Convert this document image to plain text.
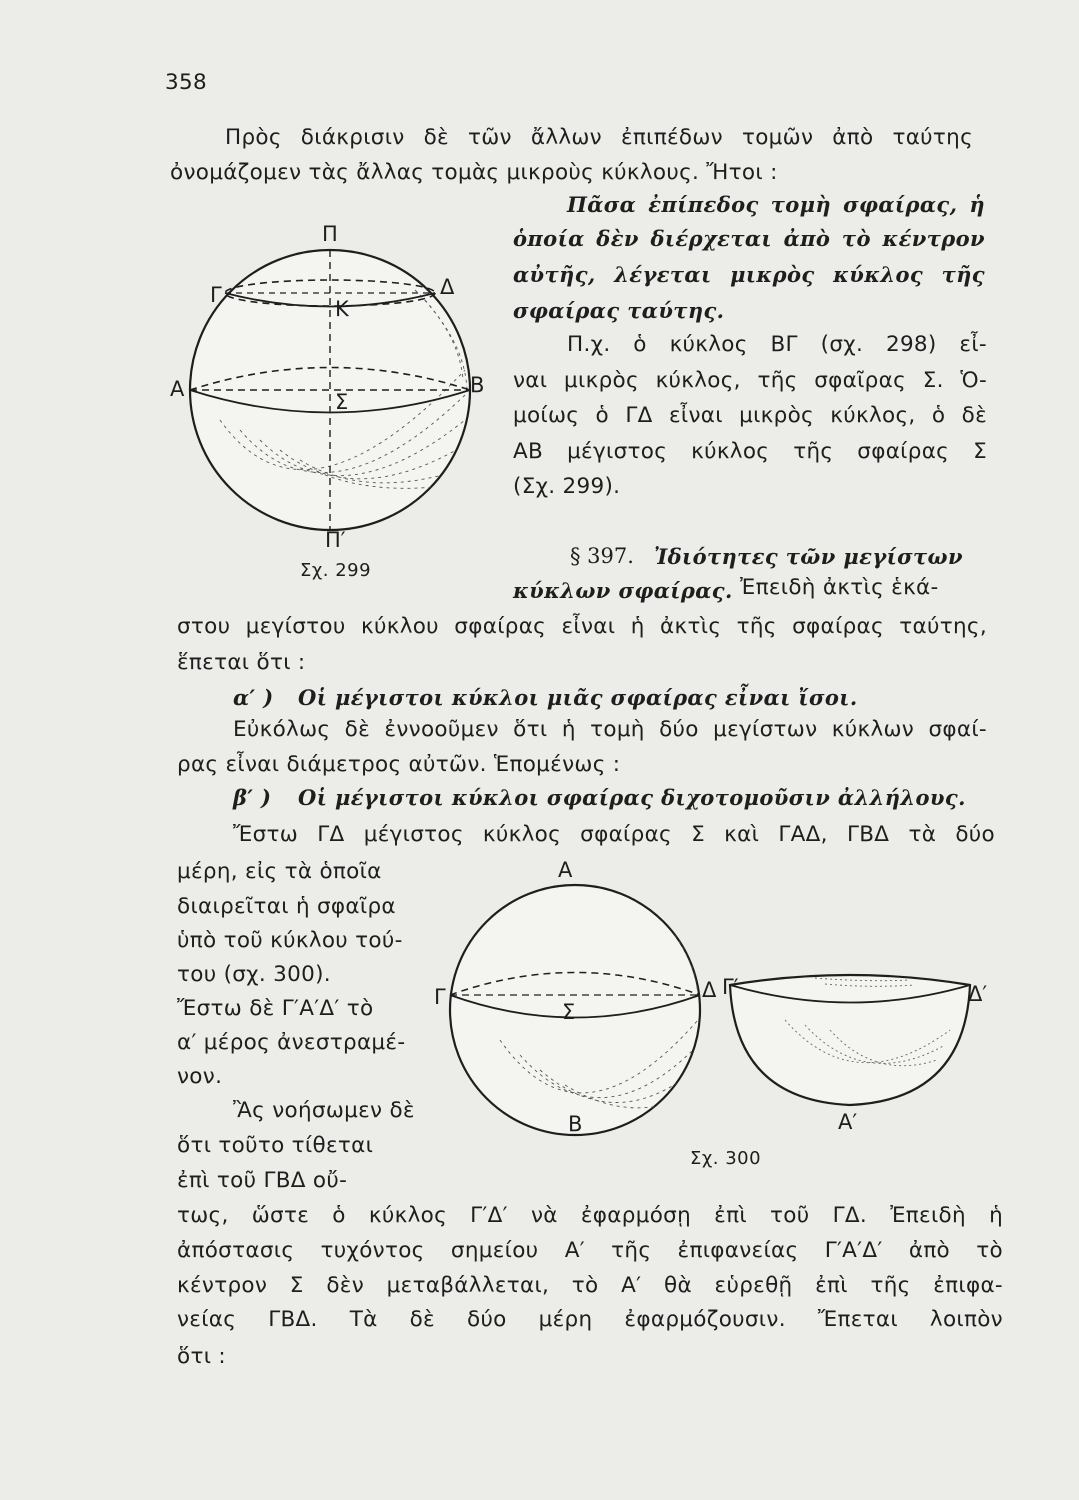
358
Πρὸς διάκρισιν δὲ τῶν ἄλλων ἐπιπέδων τομῶν ἀπὸ ταύτης
ὀνομάζομεν τὰς ἄλλας τομὰς μικροὺς κύκλους. Ἤτοι :
Πᾶσα ἐπίπεδος τομὴ σφαίρας, ἡ
ὁποία δὲν διέρχεται ἀπὸ τὸ κέντρον
αὐτῆς, λέγεται μικρὸς κύκλος τῆς
σφαίρας ταύτης.
Π.χ. ὁ κύκλος ΒΓ (σχ. 298) εἶ-
ναι μικρὸς κύκλος, τῆς σφαῖρας Σ. Ὁ-
μοίως ὁ ΓΔ εἶναι μικρὸς κύκλος, ὁ δὲ
ΑΒ μέγιστος κύκλος τῆς σφαίρας Σ
(Σχ. 299).
Π
Γ	Δ
Κ
Α	Β
Σ
Π′
Σχ. 299
§ 397. Ἰδιότητες τῶν μεγίστων
κύκλων σφαίρας. Ἐπειδὴ ἀκτὶς ἑκά-
στου μεγίστου κύκλου σφαίρας εἶναι ἡ ἀκτὶς τῆς σφαίρας ταύτης,
ἕπεται ὅτι :
α′ ) Οἱ μέγιστοι κύκλοι μιᾶς σφαίρας εἶναι ἴσοι.
Εὐκόλως δὲ ἐννοοῦμεν ὅτι ἡ τομὴ δύο μεγίστων κύκλων σφαί-
ρας εἶναι διάμετρος αὐτῶν. Ἑπομένως :
β′ ) Οἱ μέγιστοι κύκλοι σφαίρας διχοτομοῦσιν ἀλλήλους.
Ἔστω ΓΔ μέγιστος κύκλος σφαίρας Σ καὶ ΓΑΔ, ΓΒΔ τὰ δύο
μέρη, εἰς τὰ ὁποῖα
διαιρεῖται ἡ σφαῖρα
ὑπὸ τοῦ κύκλου τού-
του (σχ. 300).
Ἔστω δὲ Γ′Α′Δ′ τὸ
α′ μέρος ἀνεστραμέ-
νον.
Ἂς νοήσωμεν δὲ
ὅτι τοῦτο τίθεται
ἐπὶ τοῦ ΓΒΔ οὔ-
τως, ὥστε ὁ κύκλος Γ′Δ′ νὰ ἐφαρμόσῃ ἐπὶ τοῦ ΓΔ. Ἐπειδὴ ἡ
ἀπόστασις τυχόντος σημείου Α′ τῆς ἐπιφανείας Γ′Α′Δ′ ἀπὸ τὸ
κέντρον Σ δὲν μεταβάλλεται, τὸ Α′ θὰ εὑρεθῇ ἐπὶ τῆς ἐπιφα-
νείας ΓΒΔ. Τὰ δὲ δύο μέρη ἐφαρμόζουσιν. Ἔπεται λοιπὸν
ὅτι :
Α
Γ	Δ
Σ
Β
Γ′	Δ′
Α′
Σχ. 300
